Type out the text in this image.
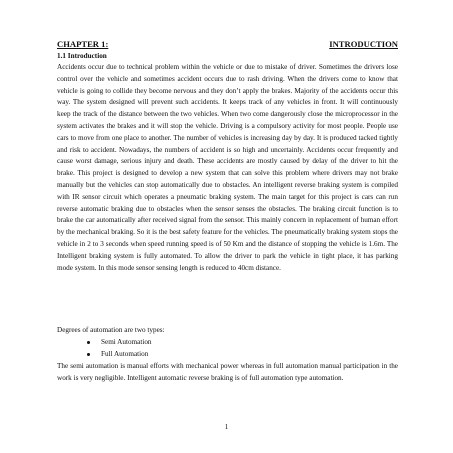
CHAPTER 1:	INTRODUCTION
1.1 Introduction

Accidents occur due to technical problem within the vehicle or due to mistake of driver. Sometimes the drivers lose control over the vehicle and sometimes accident occurs due to rash driving. When the drivers come to know that vehicle is going to collide they become nervous and they don’t apply the brakes. Majority of the accidents occur this way. The system designed will prevent such accidents. It keeps track of any vehicles in front. It will continuously keep the track of the distance between the two vehicles. When two come dangerously close the microprocessor in the system activates the brakes and it will stop the vehicle. Driving is a compulsory activity for most people. People use cars to move from one place to another. The number of vehicles is increasing day by day. It is produced tacked tightly and risk to accident. Nowadays, the numbers of accident is so high and uncertainly. Accidents occur frequently and cause worst damage, serious injury and death. These accidents are mostly caused by delay of the driver to hit the brake. This project is designed to develop a new system that can solve this problem where drivers may not brake manually but the vehicles can stop automatically due to obstacles. An intelligent reverse braking system is compiled with IR sensor circuit which operates a pneumatic braking system. The main target for this project is cars can run reverse automatic braking due to obstacles when the sensor senses the obstacles. The braking circuit function is to brake the car automatically after received signal from the sensor. This mainly concern in replacement of human effort by the mechanical braking. So it is the best safety feature for the vehicles. The pneumatically braking system stops the vehicle in 2 to 3 seconds when speed running speed is of 50 Km and the distance of stopping the vehicle is 1.6m. The Intelligent braking system is fully automated. To allow the driver to park the vehicle in tight place, it has parking mode system. In this mode sensor sensing length is reduced to 40cm distance.

Degrees of automation are two types:
Semi Automation
Full Automation
The semi automation is manual efforts with mechanical power whereas in full automation manual participation in the work is very negligible. Intelligent automatic reverse braking is of full automation type automation.
1
